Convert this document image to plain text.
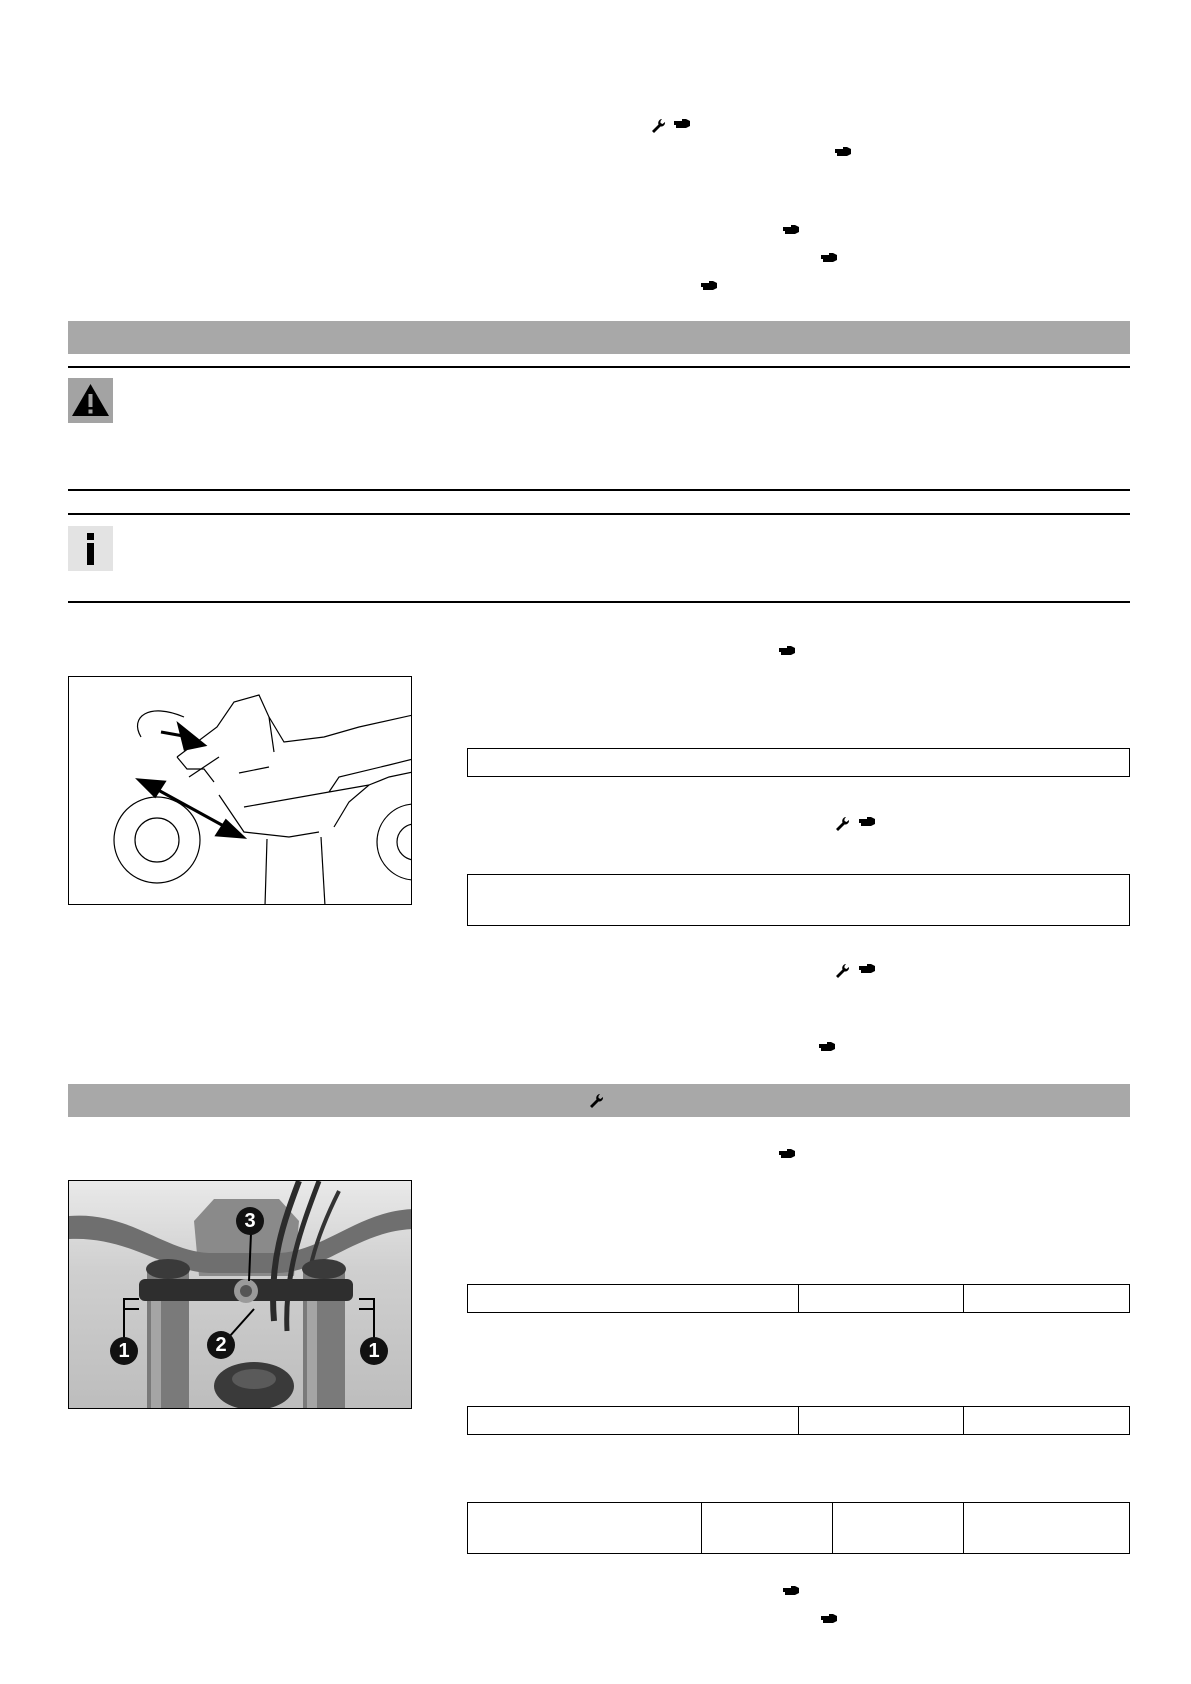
1	1
2
3
